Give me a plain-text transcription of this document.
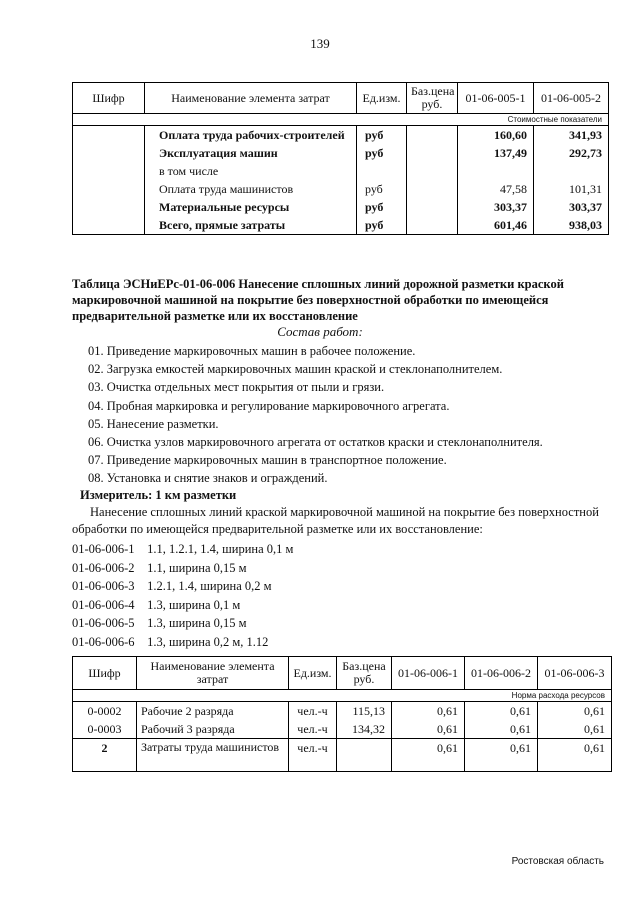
139
Шифр	Наименование элемента затрат	Ед.изм.	Баз.цена руб.	01-06-005-1	01-06-005-2
Стоимостные показатели					
	Оплата труда рабочих-строителей	руб		160,60	341,93
	Эксплуатация машин	руб		137,49	292,73
	в том числе				
	Оплата труда машинистов	руб		47,58	101,31
	Материальные ресурсы	руб		303,37	303,37
	Всего, прямые затраты	руб		601,46	938,03
Таблица ЭСНиЕРс-01-06-006 Нанесение сплошных линий дорожной разметки краской маркировочной машиной на покрытие без поверхностной обработки по имеющейся предварительной разметке или их восстановление
Состав работ:
01. Приведение маркировочных машин в рабочее положение.
02. Загрузка емкостей маркировочных машин краской и стеклонаполнителем.
03. Очистка отдельных мест покрытия от пыли и грязи.
04. Пробная маркировка и регулирование маркировочного агрегата.
05. Нанесение разметки.
06. Очистка узлов маркировочного агрегата от остатков краски и стеклонаполнителя.
07. Приведение маркировочных машин в транспортное положение.
08. Установка и снятие знаков и ограждений.
Измеритель: 1 км разметки
Нанесение сплошных линий краской маркировочной машиной на покрытие без поверхностной обработки по имеющейся предварительной разметке или их восстановление:
01-06-006-1 1.1, 1.2.1, 1.4, ширина 0,1 м
01-06-006-2 1.1, ширина 0,15 м
01-06-006-3 1.2.1, 1.4, ширина 0,2 м
01-06-006-4 1.3, ширина 0,1 м
01-06-006-5 1.3, ширина 0,15 м
01-06-006-6 1.3, ширина 0,2 м, 1.12
Шифр	Наименование элемента затрат	Ед.изм.	Баз.цена руб.	01-06-006-1	01-06-006-2	01-06-006-3
Норма расхода ресурсов						
0-0002	Рабочие 2 разряда	чел.-ч	115,13	0,61	0,61	0,61
0-0003	Рабочий 3 разряда	чел.-ч	134,32	0,61	0,61	0,61
2	Затраты труда машинистов	чел.-ч		0,61	0,61	0,61
Ростовская область
